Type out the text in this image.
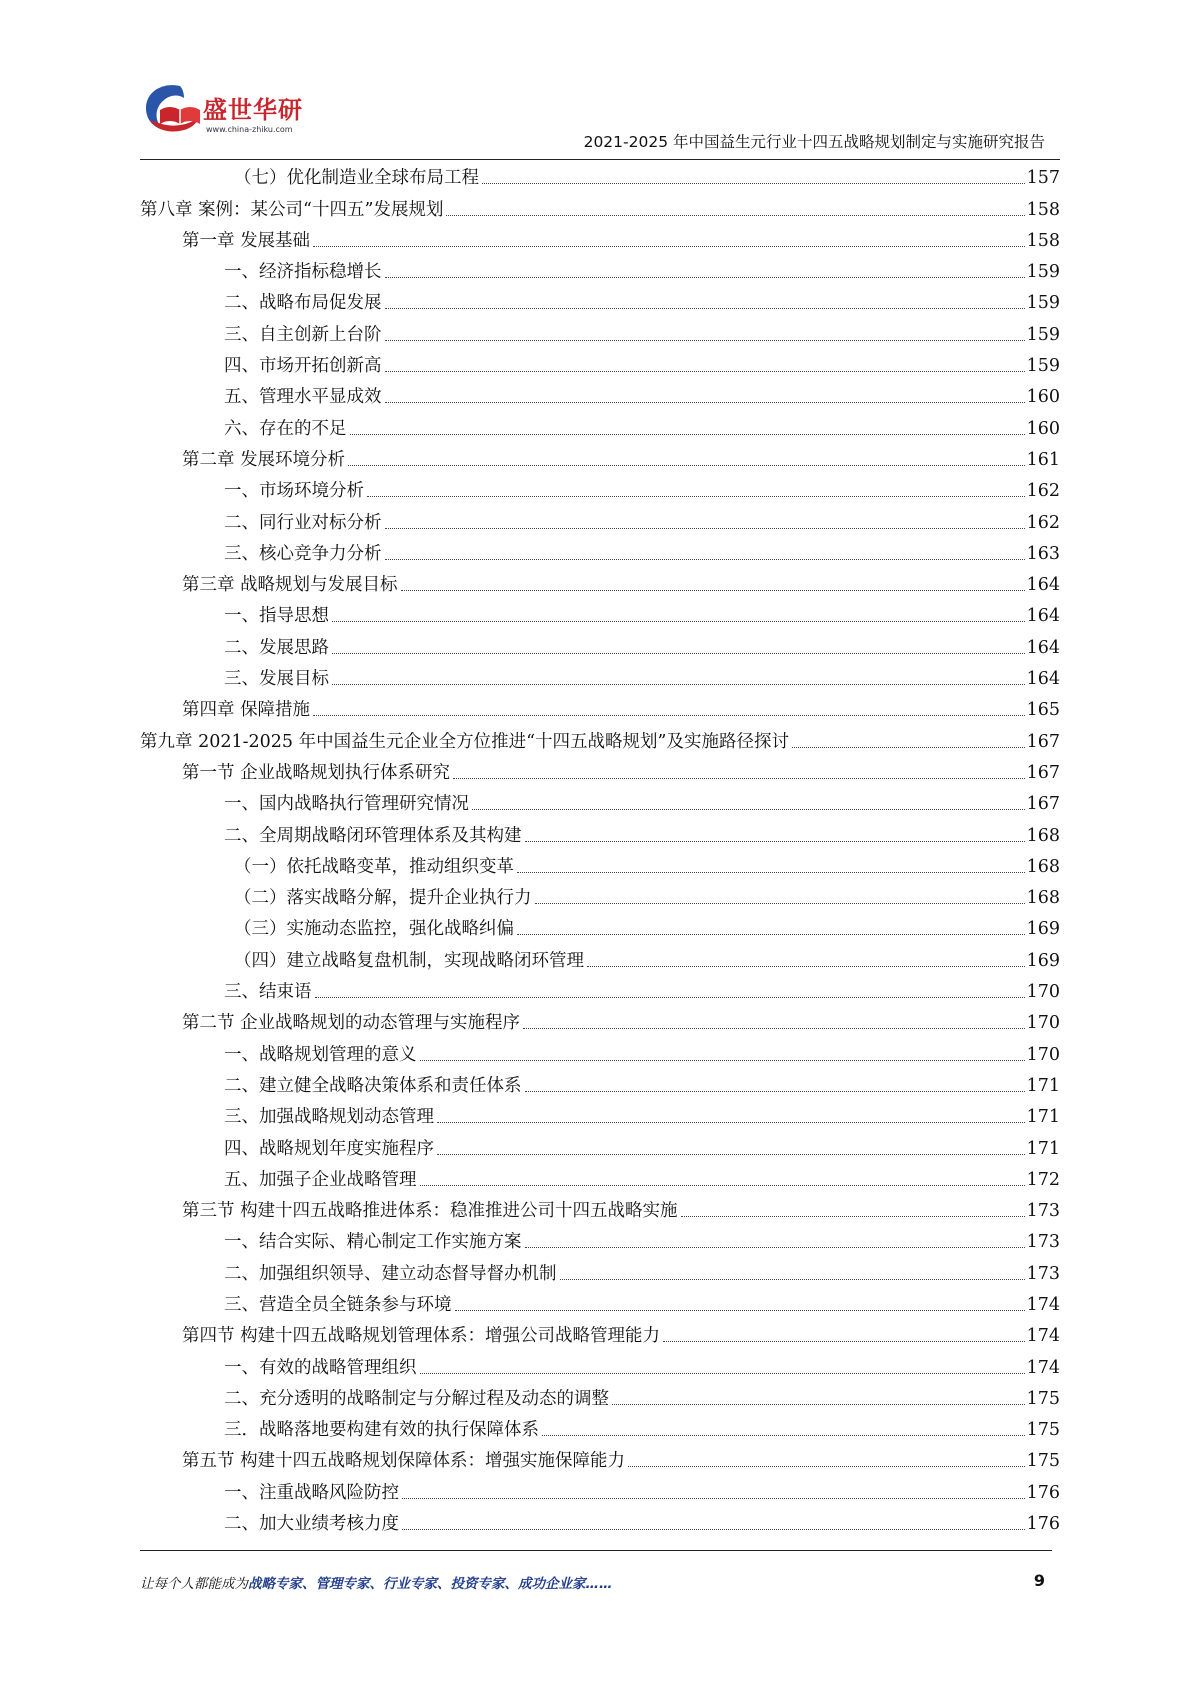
盛世华研
www.china-zhiku.com
2021-2025 年中国益生元行业十四五战略规划制定与实施研究报告
（七）优化制造业全球布局工程	157
第八章 案例：某公司“十四五”发展规划	158
第一章 发展基础	158
一、经济指标稳增长	159
二、战略布局促发展	159
三、自主创新上台阶	159
四、市场开拓创新高	159
五、管理水平显成效	160
六、存在的不足	160
第二章 发展环境分析	161
一、市场环境分析	162
二、同行业对标分析	162
三、核心竞争力分析	163
第三章 战略规划与发展目标	164
一、指导思想	164
二、发展思路	164
三、发展目标	164
第四章 保障措施	165
第九章 2021-2025 年中国益生元企业全方位推进“十四五战略规划”及实施路径探讨	167
第一节 企业战略规划执行体系研究	167
一、国内战略执行管理研究情况	167
二、全周期战略闭环管理体系及其构建	168
（一）依托战略变革，推动组织变革	168
（二）落实战略分解，提升企业执行力	168
（三）实施动态监控，强化战略纠偏	169
（四）建立战略复盘机制，实现战略闭环管理	169
三、结束语	170
第二节 企业战略规划的动态管理与实施程序	170
一、战略规划管理的意义	170
二、建立健全战略决策体系和责任体系	171
三、加强战略规划动态管理	171
四、战略规划年度实施程序	171
五、加强子企业战略管理	172
第三节 构建十四五战略推进体系：稳准推进公司十四五战略实施	173
一、结合实际、精心制定工作实施方案	173
二、加强组织领导、建立动态督导督办机制	173
三、营造全员全链条参与环境	174
第四节 构建十四五战略规划管理体系：增强公司战略管理能力	174
一、有效的战略管理组织	174
二、充分透明的战略制定与分解过程及动态的调整	175
三．战略落地要构建有效的执行保障体系	175
第五节 构建十四五战略规划保障体系：增强实施保障能力	175
一、注重战略风险防控	176
二、加大业绩考核力度	176
让每个人都能成为战略专家、管理专家、行业专家、投资专家、成功企业家……	9
